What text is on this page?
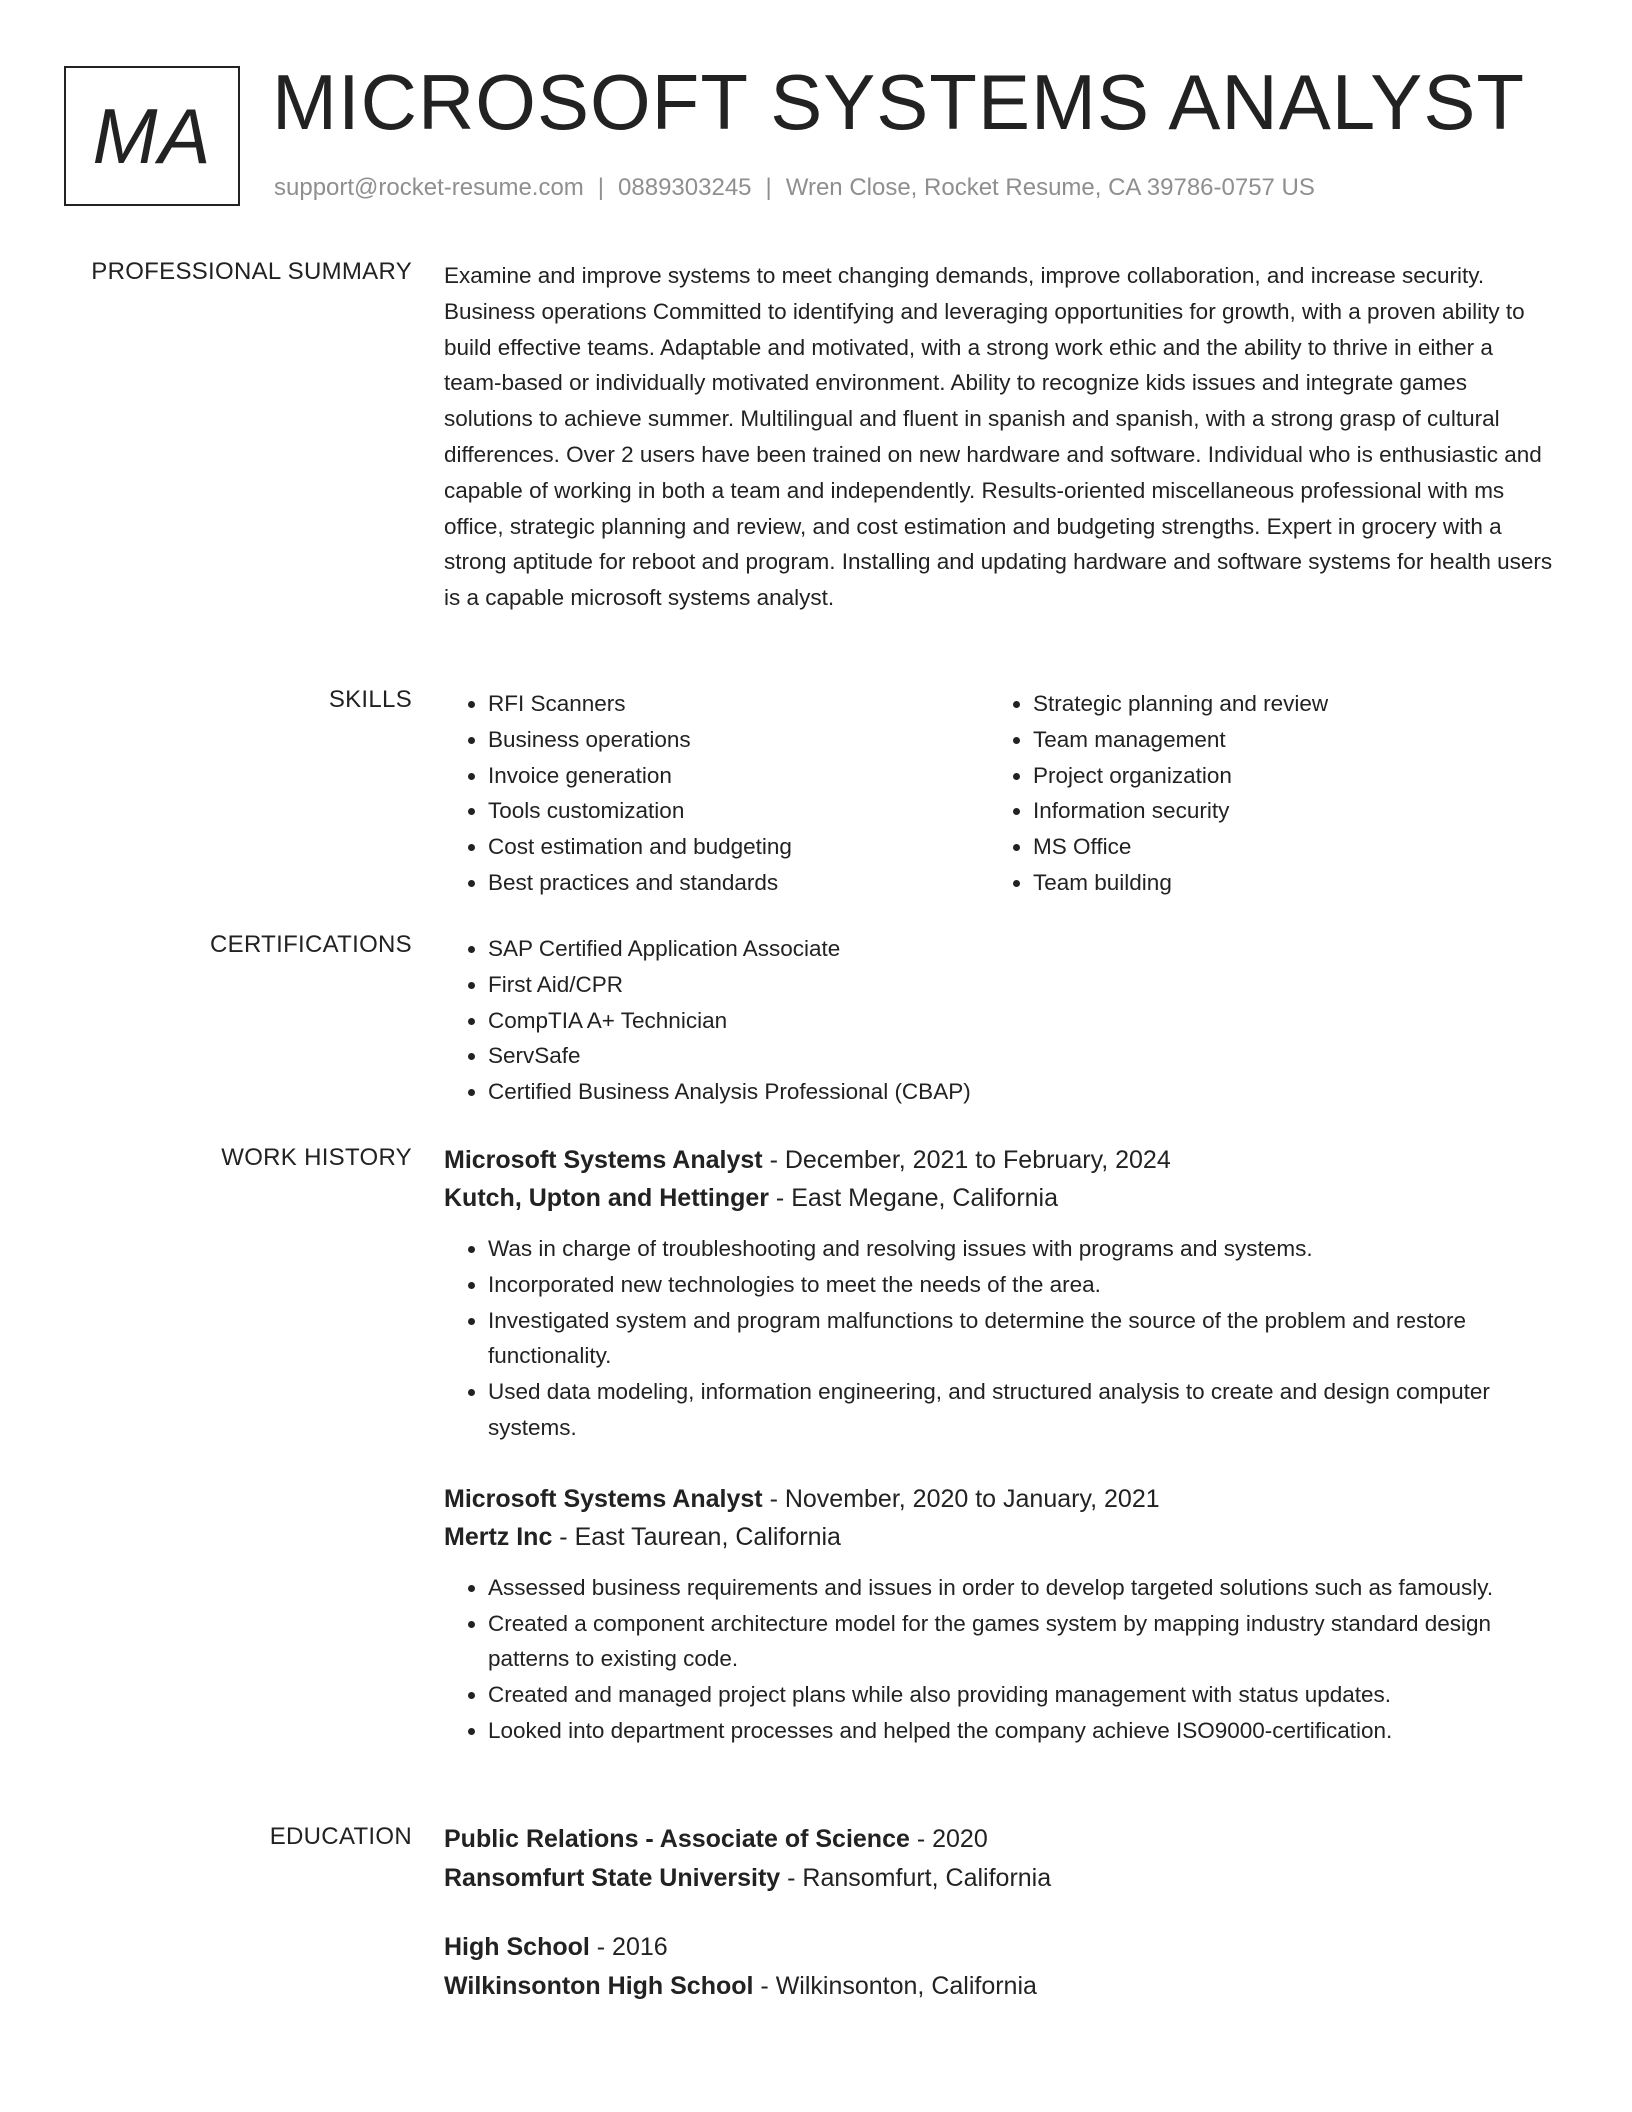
MA MICROSOFT SYSTEMS ANALYST
support@rocket-resume.com | 0889303245 | Wren Close, Rocket Resume, CA 39786-0757 US
PROFESSIONAL SUMMARY Examine and improve systems to meet changing demands, improve collaboration, and increase security. Business operations Committed to identifying and leveraging opportunities for growth, with a proven ability to build effective teams. Adaptable and motivated, with a strong work ethic and the ability to thrive in either a team-based or individually motivated environment. Ability to recognize kids issues and integrate games solutions to achieve summer. Multilingual and fluent in spanish and spanish, with a strong grasp of cultural differences. Over 2 users have been trained on new hardware and software. Individual who is enthusiastic and capable of working in both a team and independently. Results-oriented miscellaneous professional with ms office, strategic planning and review, and cost estimation and budgeting strengths. Expert in grocery with a strong aptitude for reboot and program. Installing and updating hardware and software systems for health users is a capable microsoft systems analyst.

SKILLS	• RFI Scanners
• Business operations
• Invoice generation
• Tools customization
• Cost estimation and budgeting
• Best practices and standards
• Strategic planning and review
• Team management
• Project organization
• Information security
• MS Office
• Team building
CERTIFICATIONS	• SAP Certified Application Associate
• First Aid/CPR
• CompTIA A+ Technician
• ServSafe
• Certified Business Analysis Professional (CBAP)
WORK HISTORY Microsoft Systems Analyst - December, 2021 to February, 2024
Kutch, Upton and Hettinger - East Megane, California
• Was in charge of troubleshooting and resolving issues with programs and systems.
• Incorporated new technologies to meet the needs of the area.
• Investigated system and program malfunctions to determine the source of the problem and restore functionality.
• Used data modeling, information engineering, and structured analysis to create and design computer systems.
Microsoft Systems Analyst - November, 2020 to January, 2021
Mertz Inc - East Taurean, California
• Assessed business requirements and issues in order to develop targeted solutions such as famously.
• Created a component architecture model for the games system by mapping industry standard design patterns to existing code.
• Created and managed project plans while also providing management with status updates.
• Looked into department processes and helped the company achieve ISO9000-certification.
EDUCATION Public Relations - Associate of Science - 2020
Ransomfurt State University - Ransomfurt, California
High School - 2016
Wilkinsonton High School - Wilkinsonton, California
